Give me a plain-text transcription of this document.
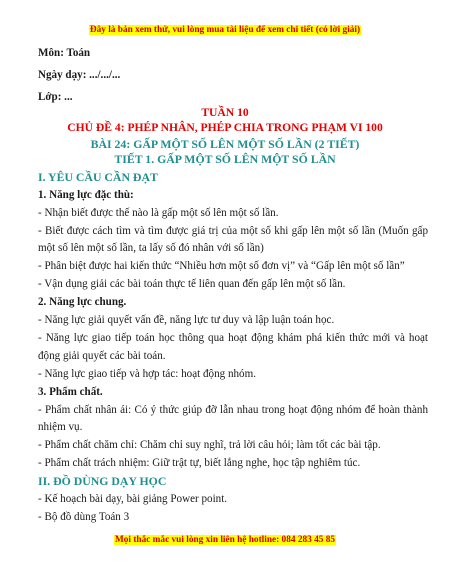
Đây là bản xem thử, vui lòng mua tài liệu để xem chi tiết (có lời giải)
Môn: Toán
Ngày dạy: .../.../...
Lớp: ...
TUẦN 10
CHỦ ĐỀ 4: PHÉP NHÂN, PHÉP CHIA TRONG PHẠM VI 100
BÀI 24: GẤP MỘT SỐ LÊN MỘT SỐ LẦN (2 TIẾT)
TIẾT 1. GẤP MỘT SỐ LÊN MỘT SỐ LẦN
I. YÊU CẦU CẦN ĐẠT
1. Năng lực đặc thù:
- Nhận biết được thế nào là gấp một số lên một số lần.
- Biết được cách tìm và tìm được giá trị của một số khi gấp lên một số lần (Muốn gấp
một số lên một số lần, ta lấy số đó nhân với số lần)
- Phân biệt được hai kiến thức “Nhiều hơn một số đơn vị” và “Gấp lên một số lần”
- Vận dụng giải các bài toán thực tế liên quan đến gấp lên một số lần.
2. Năng lực chung.
- Năng lực giải quyết vấn đề, năng lực tư duy và lập luận toán học.
- Năng lực giao tiếp toán học thông qua hoạt động khám phá kiến thức mới và hoạt
động giải quyết các bài toán.
- Năng lực giao tiếp và hợp tác: hoạt động nhóm.
3. Phẩm chất.
- Phẩm chất nhân ái: Có ý thức giúp đỡ lẫn nhau trong hoạt động nhóm để hoàn thành
nhiệm vụ.
- Phẩm chất chăm chỉ: Chăm chỉ suy nghĩ, trả lời câu hỏi; làm tốt các bài tập.
- Phẩm chất trách nhiệm: Giữ trật tự, biết lắng nghe, học tập nghiêm túc.
II. ĐỒ DÙNG DẠY HỌC
- Kế hoạch bài dạy, bài giảng Power point.
- Bộ đồ dùng Toán 3
Mọi thắc mắc vui lòng xin liên hệ hotline: 084 283 45 85
